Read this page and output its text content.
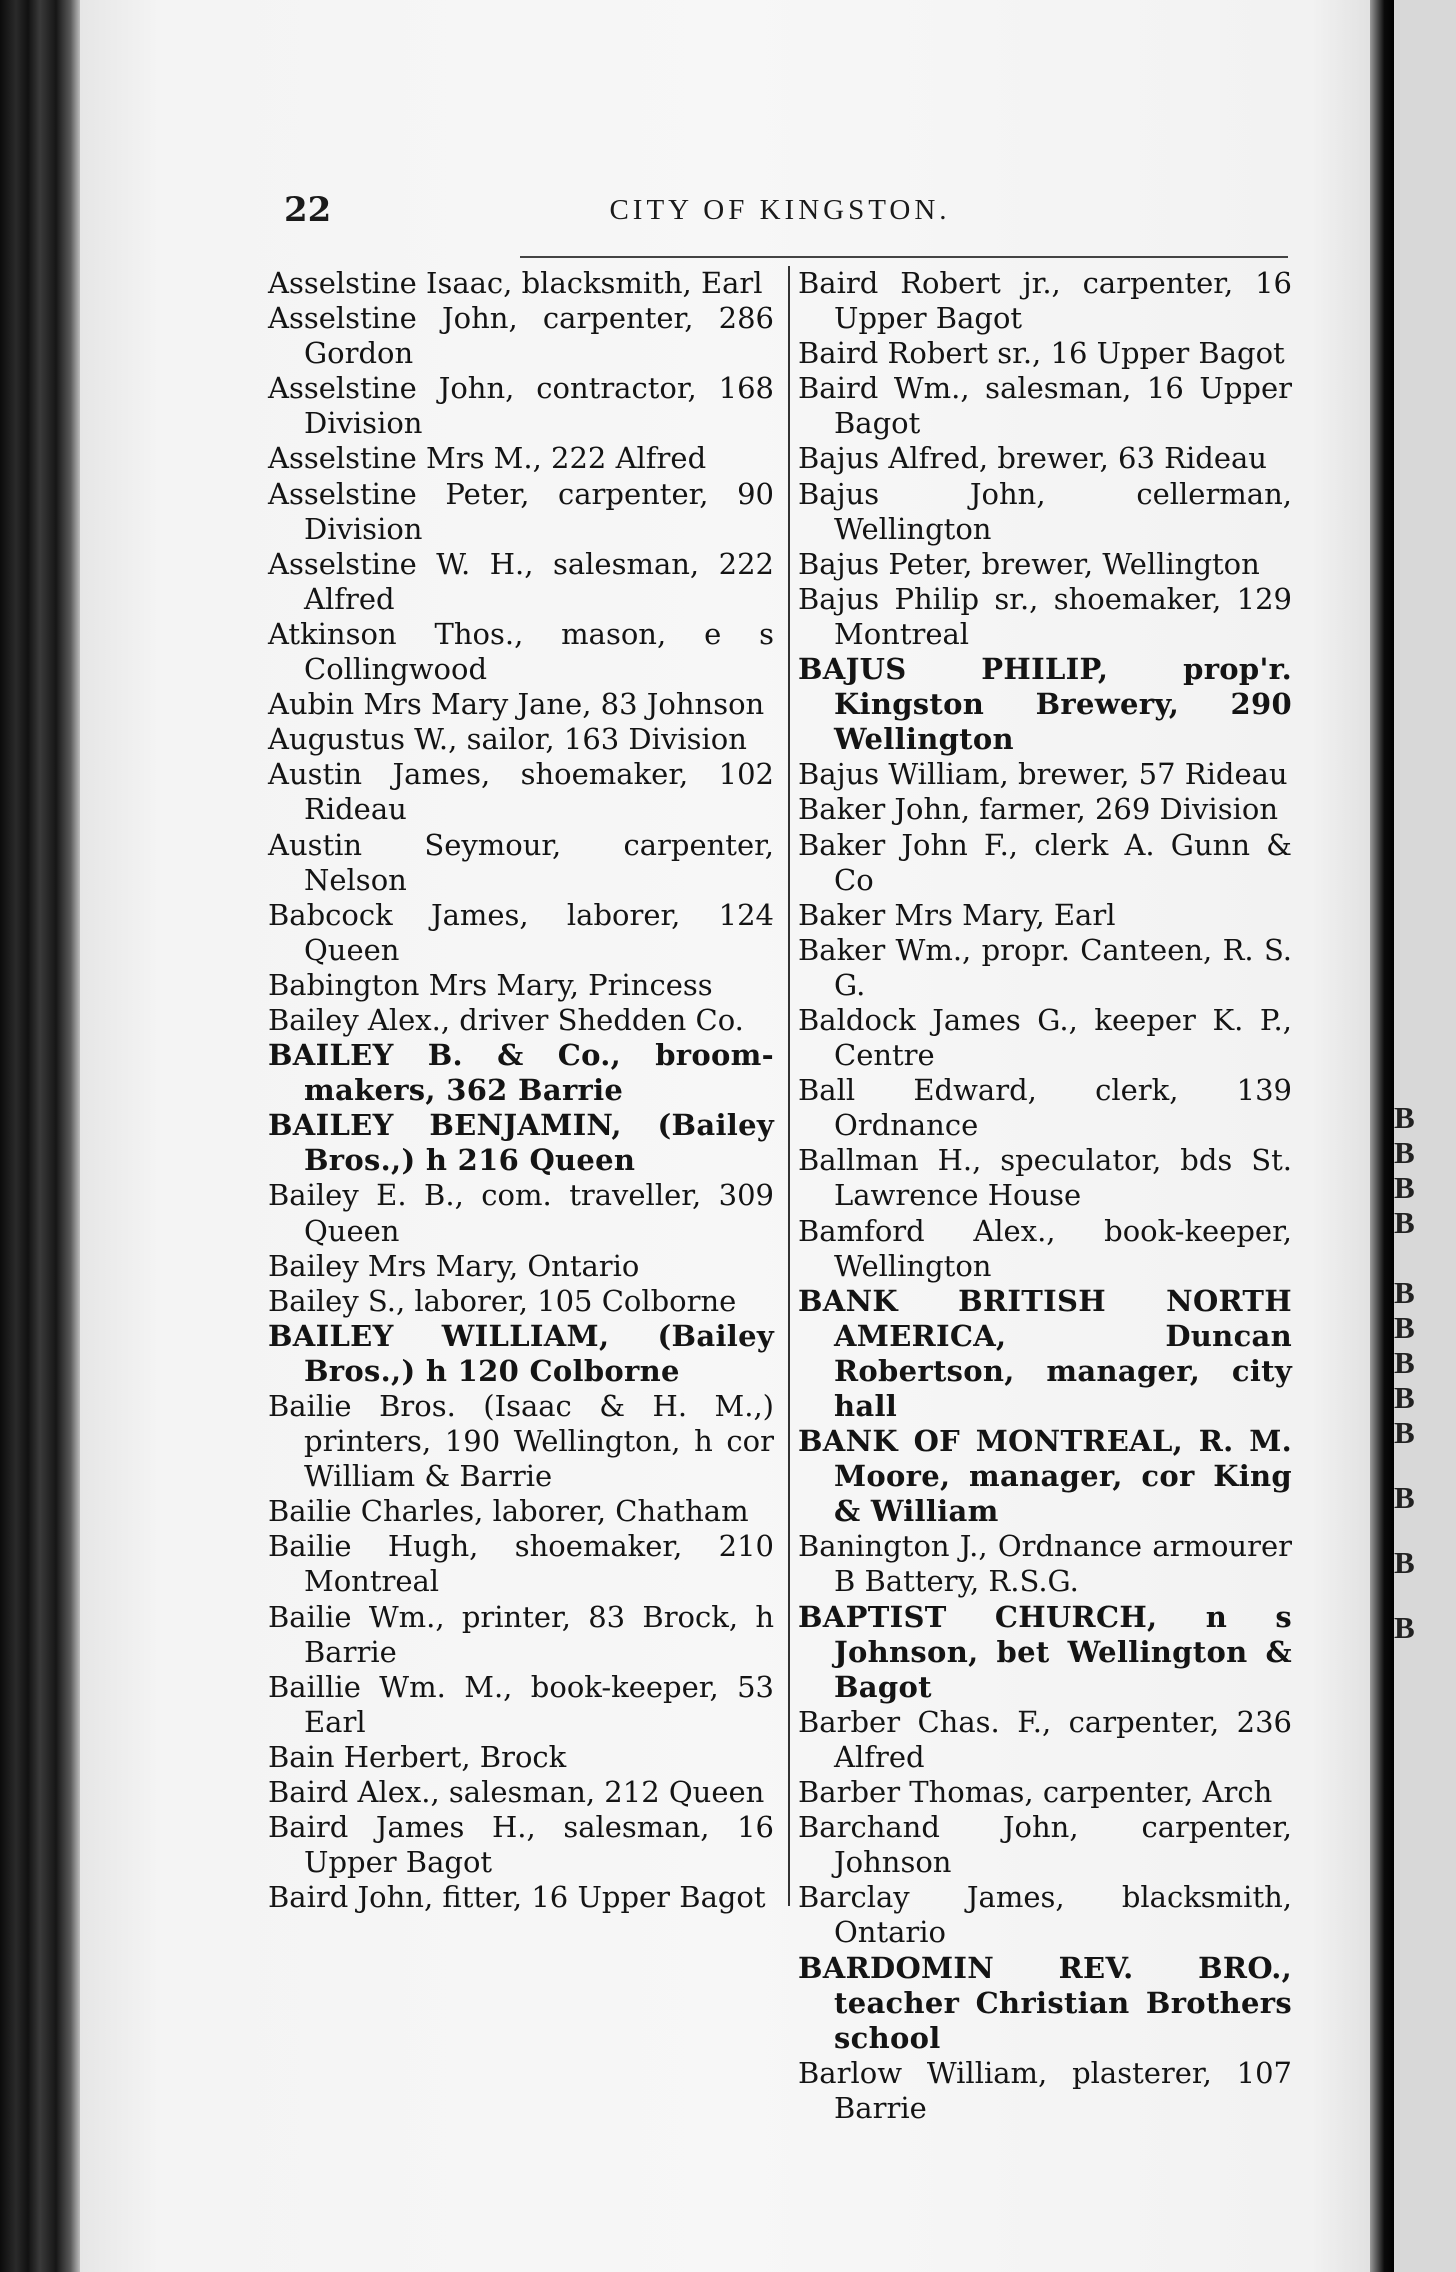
B
B
B
B
B
B
B
B
B
B
B
B
22	CITY OF KINGSTON.
Asselstine Isaac, blacksmith, Earl
Asselstine John, carpenter, 286 Gordon
Asselstine John, contractor, 168 Division
Asselstine Mrs M., 222 Alfred
Asselstine Peter, carpenter, 90 Division
Asselstine W. H., salesman, 222 Alfred
Atkinson Thos., mason, e s Collingwood
Aubin Mrs Mary Jane, 83 Johnson
Augustus W., sailor, 163 Division
Austin James, shoemaker, 102 Rideau
Austin Seymour, carpenter, Nelson
Babcock James, laborer, 124 Queen
Babington Mrs Mary, Princess
Bailey Alex., driver Shedden Co.
BAILEY B. & Co., broom-makers, 362 Barrie
BAILEY BENJAMIN, (Bailey Bros.,) h 216 Queen
Bailey E. B., com. traveller, 309 Queen
Bailey Mrs Mary, Ontario
Bailey S., laborer, 105 Colborne
BAILEY WILLIAM, (Bailey Bros.,) h 120 Colborne
Bailie Bros. (Isaac & H. M.,) printers, 190 Wellington, h cor William & Barrie
Bailie Charles, laborer, Chatham
Bailie Hugh, shoemaker, 210 Montreal
Bailie Wm., printer, 83 Brock, h Barrie
Baillie Wm. M., book-keeper, 53 Earl
Bain Herbert, Brock
Baird Alex., salesman, 212 Queen
Baird James H., salesman, 16 Upper Bagot
Baird John, fitter, 16 Upper Bagot
Baird Robert jr., carpenter, 16 Upper Bagot
Baird Robert sr., 16 Upper Bagot
Baird Wm., salesman, 16 Upper Bagot
Bajus Alfred, brewer, 63 Rideau
Bajus John, cellerman, Wellington
Bajus Peter, brewer, Wellington
Bajus Philip sr., shoemaker, 129 Montreal
BAJUS PHILIP, prop'r. Kingston Brewery, 290 Wellington
Bajus William, brewer, 57 Rideau
Baker John, farmer, 269 Division
Baker John F., clerk A. Gunn & Co
Baker Mrs Mary, Earl
Baker Wm., propr. Canteen, R. S. G.
Baldock James G., keeper K. P., Centre
Ball Edward, clerk, 139 Ordnance
Ballman H., speculator, bds St. Lawrence House
Bamford Alex., book-keeper, Wellington
BANK BRITISH NORTH AMERICA, Duncan Robertson, manager, city hall
BANK OF MONTREAL, R. M. Moore, manager, cor King & William
Banington J., Ordnance armourer B Battery, R.S.G.
BAPTIST CHURCH, n s Johnson, bet Wellington & Bagot
Barber Chas. F., carpenter, 236 Alfred
Barber Thomas, carpenter, Arch
Barchand John, carpenter, Johnson
Barclay James, blacksmith, Ontario
BARDOMIN REV. BRO., teacher Christian Brothers school
Barlow William, plasterer, 107 Barrie
